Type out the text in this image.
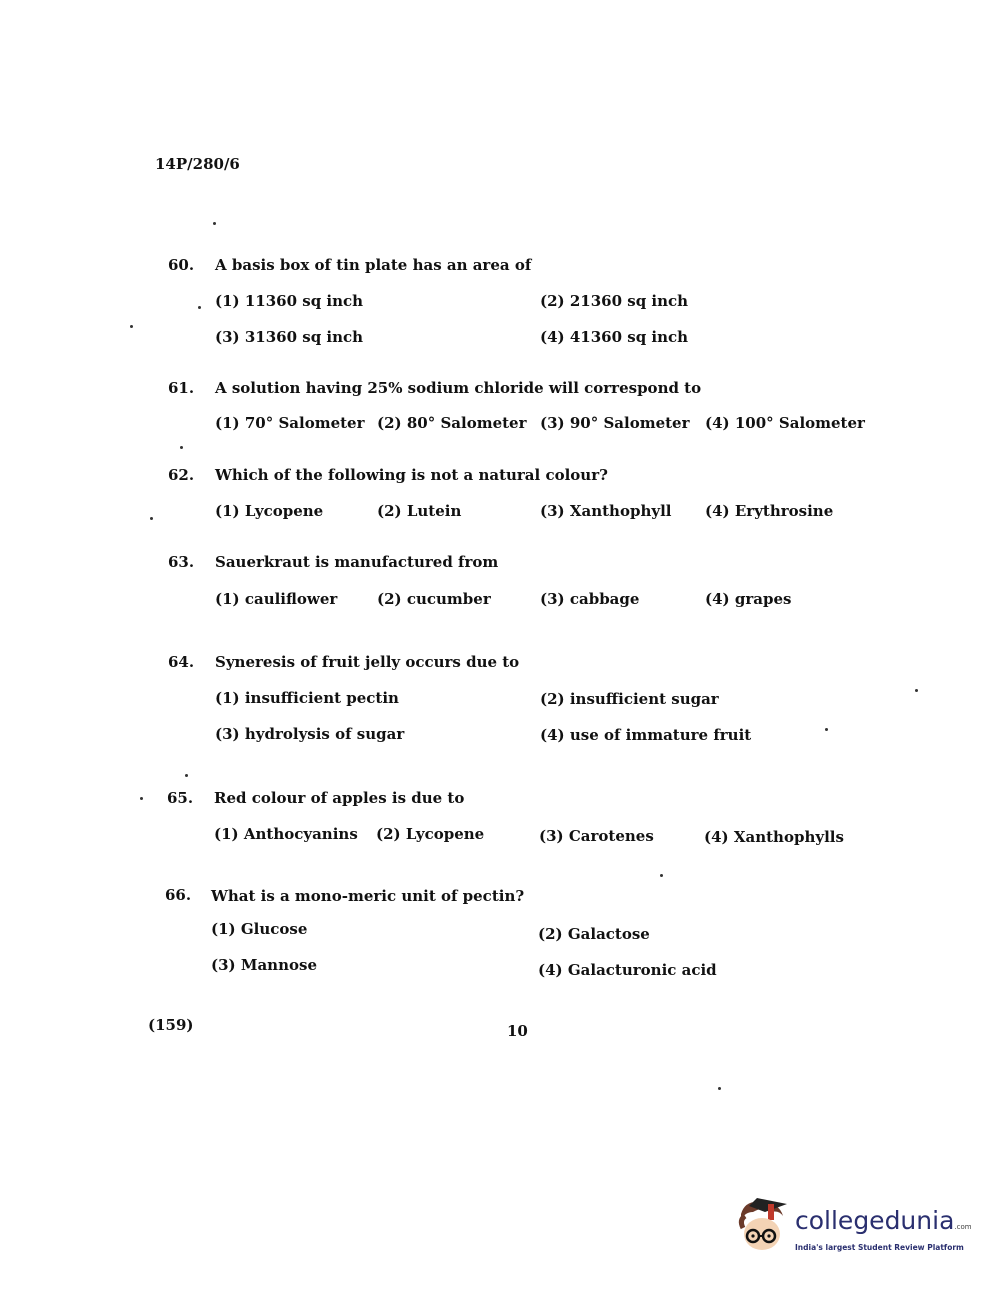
14P/280/6
60. A basis box of tin plate has an area of
(1) 11360 sq inch	(2) 21360 sq inch
(3) 31360 sq inch	(4) 41360 sq inch
61. A solution having 25% sodium chloride will correspond to
(1) 70° Salometer (2) 80° Salometer (3) 90° Salometer (4) 100° Salometer
62. Which of the following is not a natural colour?
(1) Lycopene	(2) Lutein	(3) Xanthophyll (4) Erythrosine
63. Sauerkraut is manufactured from
(1) cauliflower	(2) cucumber	(3) cabbage	(4) grapes
64. Syneresis of fruit jelly occurs due to
(1) insufficient pectin	(2) insufficient sugar
(3) hydrolysis of sugar	(4) use of immature fruit
65. Red colour of apples is due to
(1) Anthocyanins (2) Lycopene	(3) Carotenes	(4) Xanthophylls
66. What is a mono-meric unit of pectin?
(1) Glucose	(2) Galactose
(3) Mannose	(4) Galacturonic acid
(159)	10
collegedunia.com
India's largest Student Review Platform
